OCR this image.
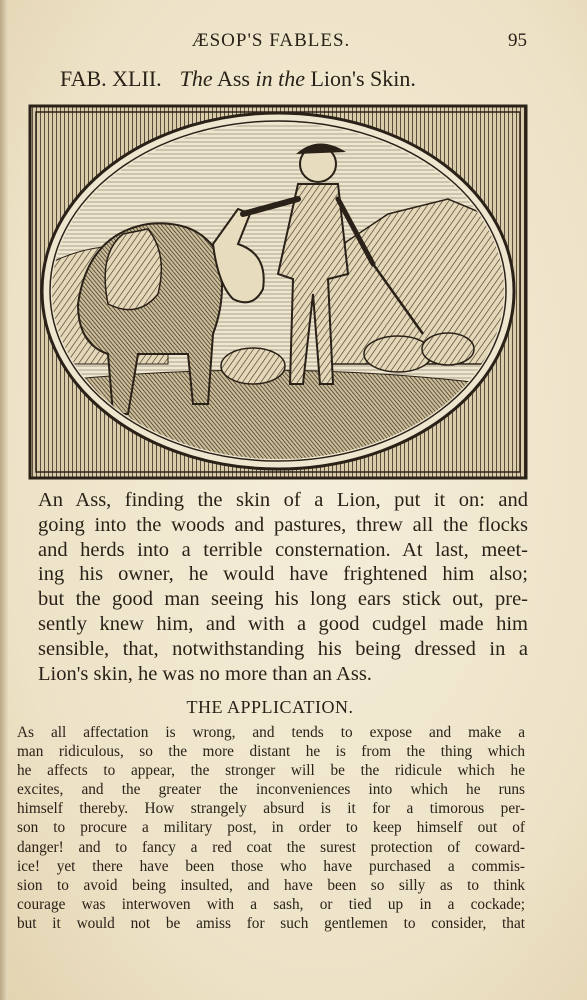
ÆSOP'S FABLES.	95
FAB. XLII. The Ass in the Lion's Skin.
An Ass, finding the skin of a Lion, put it on: and
going into the woods and pastures, threw all the flocks
and herds into a terrible consternation. At last, meet-
ing his owner, he would have frightened him also;
but the good man seeing his long ears stick out, pre-
sently knew him, and with a good cudgel made him
sensible, that, notwithstanding his being dressed in a
Lion's skin, he was no more than an Ass.
THE APPLICATION.
As all affectation is wrong, and tends to expose and make a
man ridiculous, so the more distant he is from the thing which
he affects to appear, the stronger will be the ridicule which he
excites, and the greater the inconveniences into which he runs
himself thereby. How strangely absurd is it for a timorous per-
son to procure a military post, in order to keep himself out of
danger! and to fancy a red coat the surest protection of coward-
ice! yet there have been those who have purchased a commis-
sion to avoid being insulted, and have been so silly as to think
courage was interwoven with a sash, or tied up in a cockade;
but it would not be amiss for such gentlemen to consider, that
